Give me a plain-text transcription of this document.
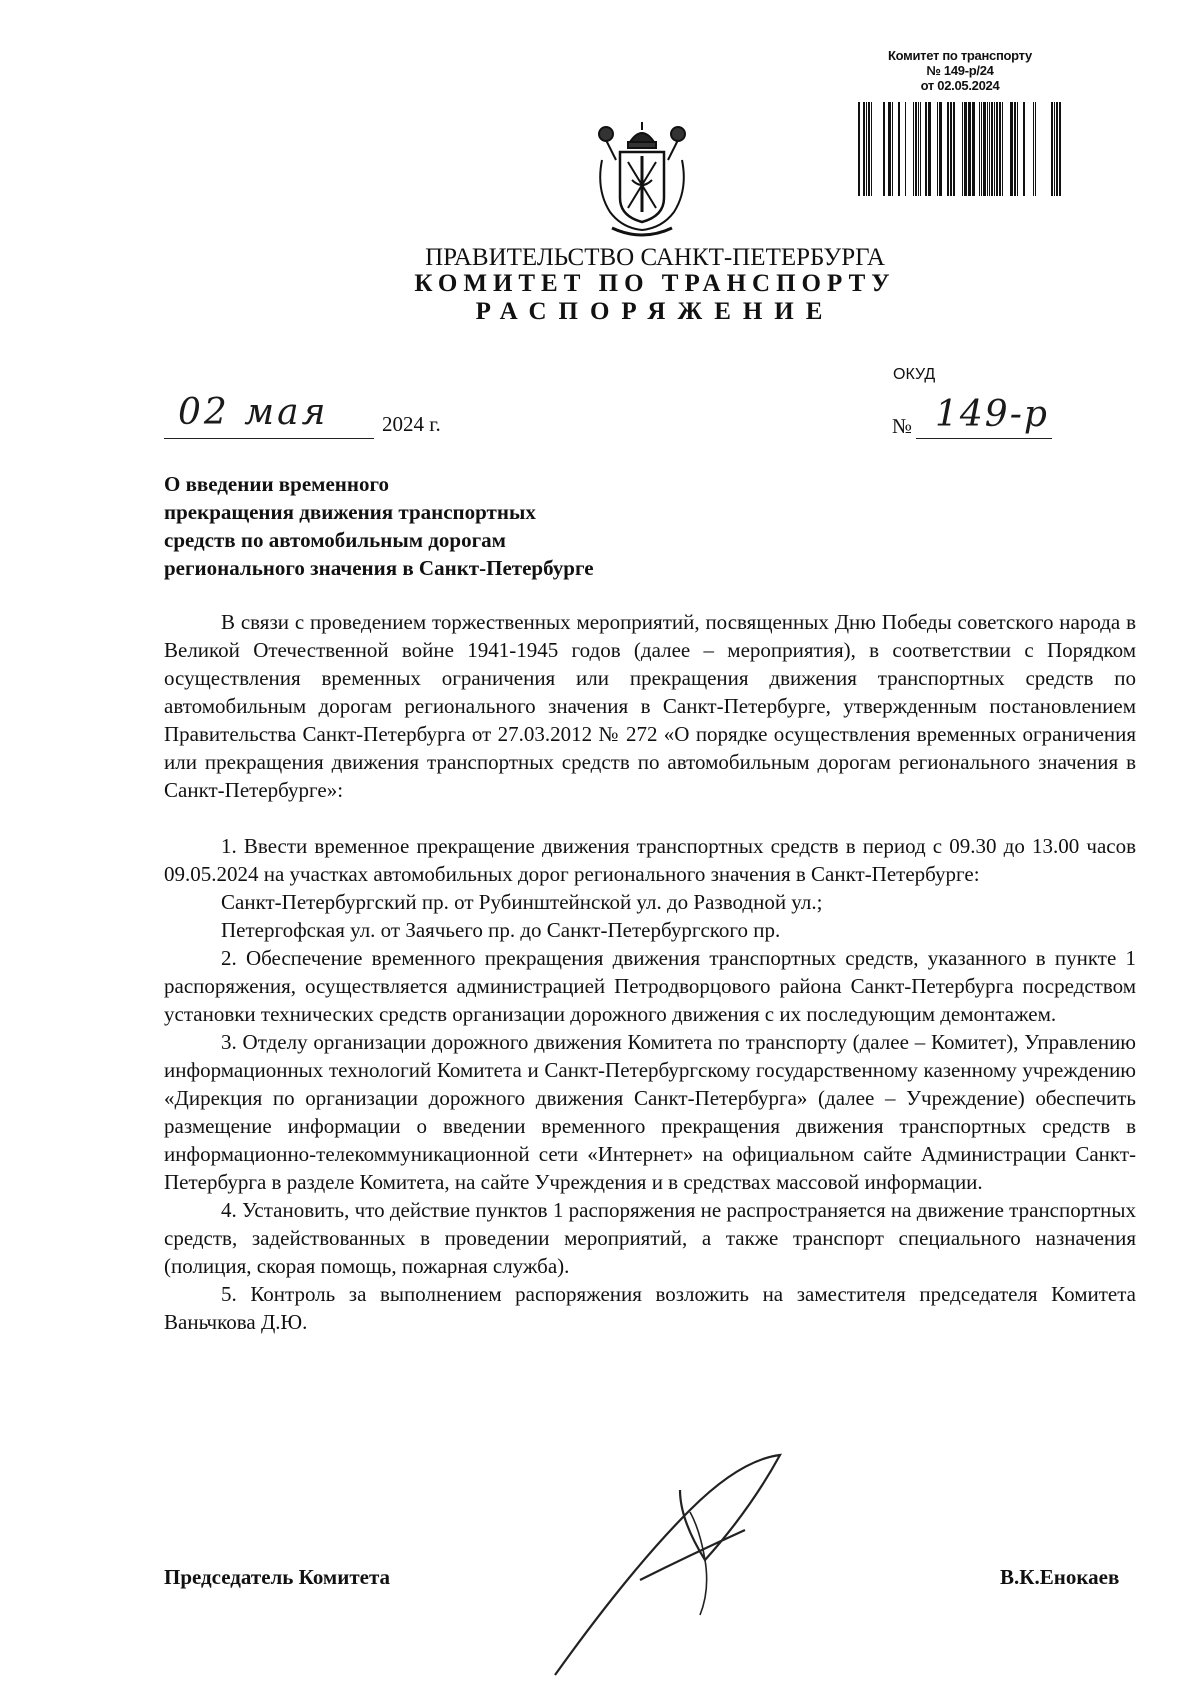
Комитет по транспорту
№ 149-р/24
от 02.05.2024
ПРАВИТЕЛЬСТВО САНКТ-ПЕТЕРБУРГА
КОМИТЕТ ПО ТРАНСПОРТУ
РАСПОРЯЖЕНИЕ
ОКУД
02 мая	2024 г.	№ 149-р
О введении временного
прекращения движения транспортных
средств по автомобильным дорогам
регионального значения в Санкт-Петербурге

В связи с проведением торжественных мероприятий, посвященных Дню Победы советского народа в Великой Отечественной войне 1941-1945 годов (далее – мероприятия), в соответствии с Порядком осуществления временных ограничения или прекращения движения транспортных средств по автомобильным дорогам регионального значения в Санкт-Петербурге, утвержденным постановлением Правительства Санкт-Петербурга от 27.03.2012 № 272 «О порядке осуществления временных ограничения или прекращения движения транспортных средств по автомобильным дорогам регионального значения в Санкт-Петербурге»:

1. Ввести временное прекращение движения транспортных средств в период с 09.30 до 13.00 часов 09.05.2024 на участках автомобильных дорог регионального значения в Санкт-Петербурге:

Санкт-Петербургский пр. от Рубинштейнской ул. до Разводной ул.;

Петергофская ул. от Заячьего пр. до Санкт-Петербургского пр.

2. Обеспечение временного прекращения движения транспортных средств, указанного в пункте 1 распоряжения, осуществляется администрацией Петродворцового района Санкт-Петербурга посредством установки технических средств организации дорожного движения с их последующим демонтажем.

3. Отделу организации дорожного движения Комитета по транспорту (далее – Комитет), Управлению информационных технологий Комитета и Санкт-Петербургскому государственному казенному учреждению «Дирекция по организации дорожного движения Санкт-Петербурга» (далее – Учреждение) обеспечить размещение информации о введении временного прекращения движения транспортных средств в информационно-телекоммуникационной сети «Интернет» на официальном сайте Администрации Санкт-Петербурга в разделе Комитета, на сайте Учреждения и в средствах массовой информации.

4. Установить, что действие пунктов 1 распоряжения не распространяется на движение транспортных средств, задействованных в проведении мероприятий, а также транспорт специального назначения (полиция, скорая помощь, пожарная служба).

5. Контроль за выполнением распоряжения возложить на заместителя председателя Комитета Ваньчкова Д.Ю.

Председатель Комитета	В.К.Енокаев
